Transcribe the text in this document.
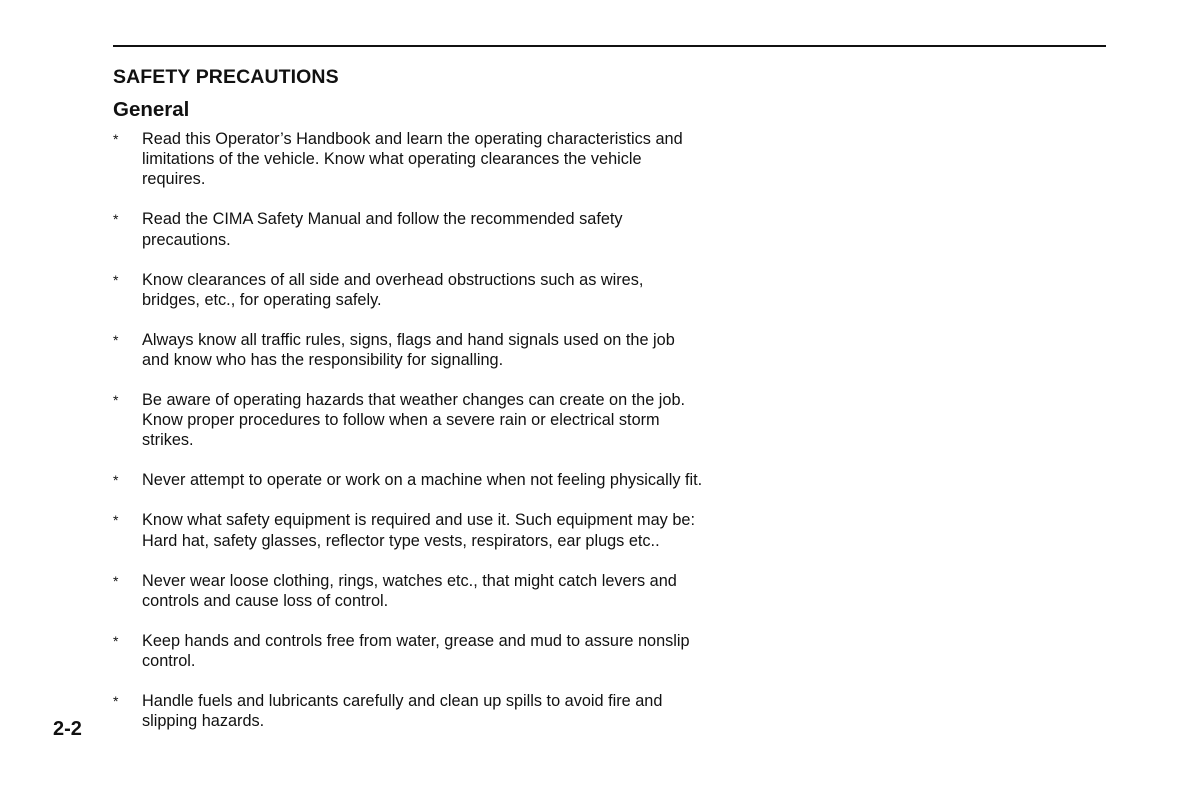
SAFETY PRECAUTIONS
General
* Read this Operator’s Handbook and learn the operating characteristics and
limitations of the vehicle. Know what operating clearances the vehicle
requires.
* Read the CIMA Safety Manual and follow the recommended safety
precautions.
* Know clearances of all side and overhead obstructions such as wires,
bridges, etc., for operating safely.
* Always know all traffic rules, signs, flags and hand signals used on the job
and know who has the responsibility for signalling.
* Be aware of operating hazards that weather changes can create on the job.
Know proper procedures to follow when a severe rain or electrical storm
strikes.
* Never attempt to operate or work on a machine when not feeling physically fit.
* Know what safety equipment is required and use it. Such equipment may be:
Hard hat, safety glasses, reflector type vests, respirators, ear plugs etc..
* Never wear loose clothing, rings, watches etc., that might catch levers and
controls and cause loss of control.
* Keep hands and controls free from water, grease and mud to assure nonslip
control.
* Handle fuels and lubricants carefully and clean up spills to avoid fire and
slipping hazards.
2-2
